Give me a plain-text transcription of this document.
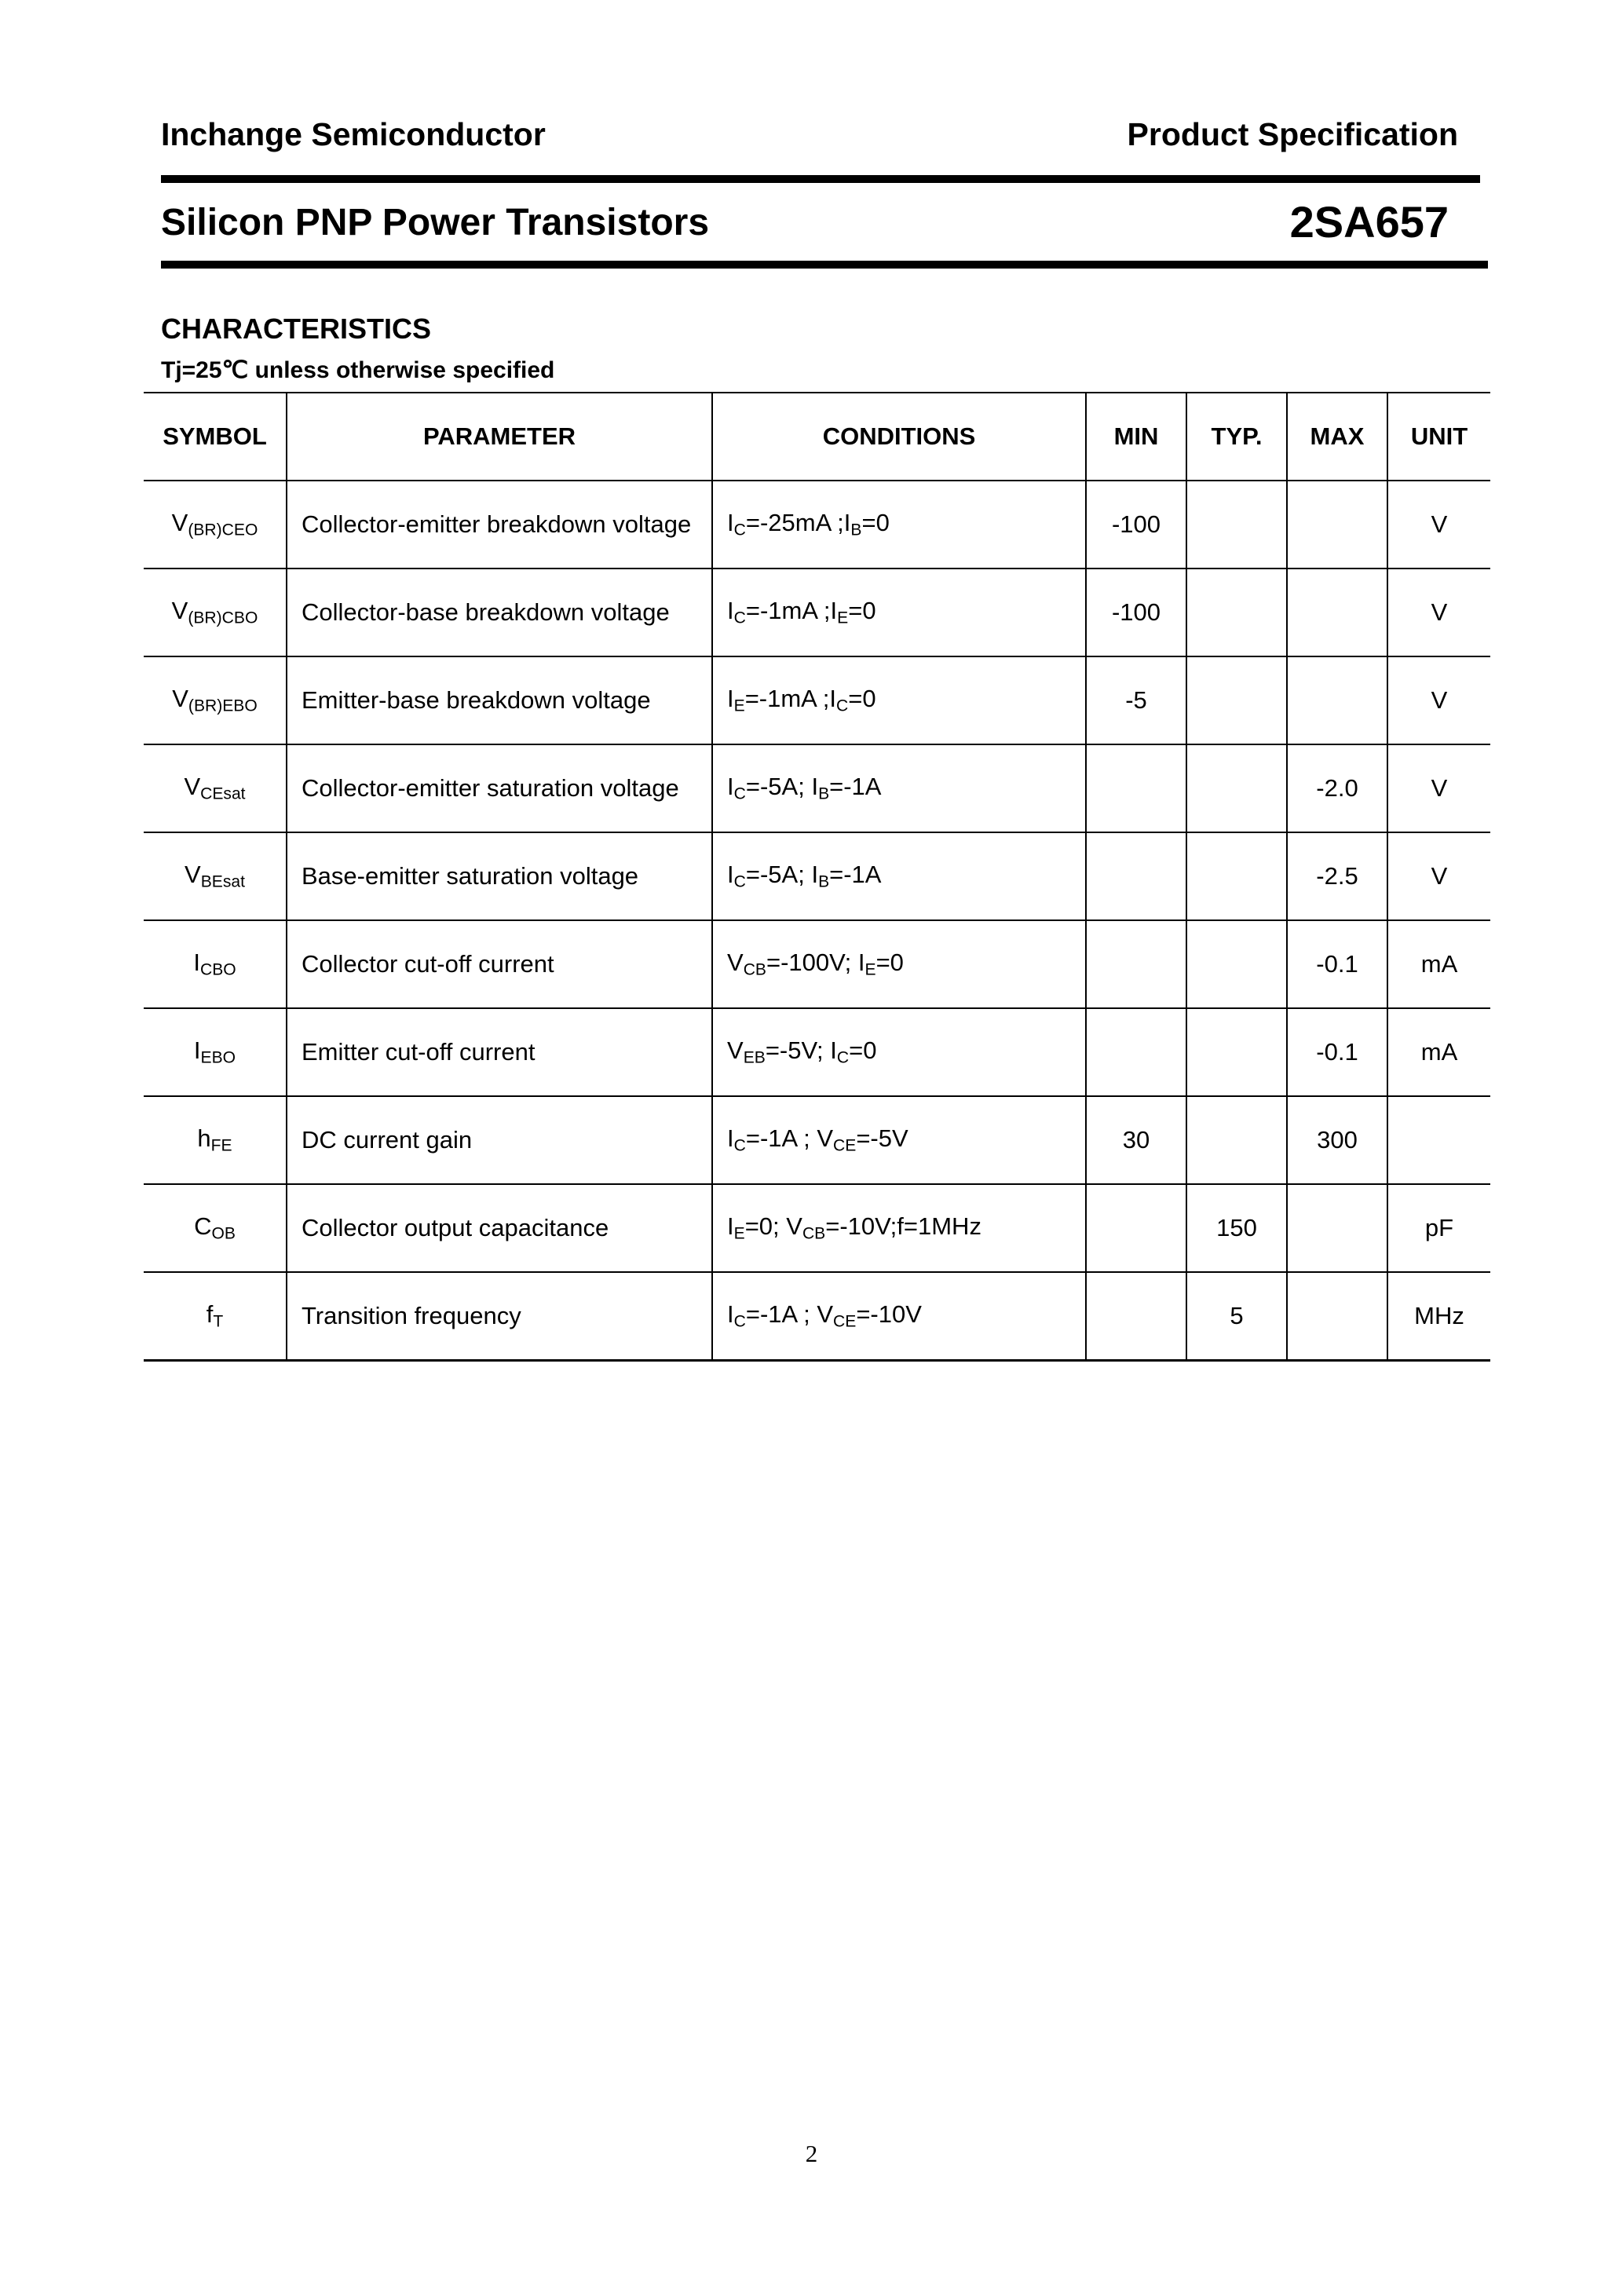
Inchange Semiconductor	Product Specification
Silicon PNP Power Transistors	2SA657
CHARACTERISTICS
Tj=25℃ unless otherwise specified
SYMBOL	PARAMETER	CONDITIONS	MIN	TYP.	MAX	UNIT
$V_{(BR)CEO}$	Collector-emitter breakdown voltage	$I_C=-25mA$ $;I_B=0$	-100			V
$V_{(BR)CBO}$	Collector-base breakdown voltage	$I_C=-1mA$ $;I_E=0$	-100			V
$V_{(BR)EBO}$	Emitter-base breakdown voltage	$I_E=-1mA$ $;I_C=0$	-5			V
$V_{CEsat}$	Collector-emitter saturation voltage	$I_C=-5A$; $I_B=-1A$			-2.0	V
$V_{BEsat}$	Base-emitter saturation voltage	$I_C=-5A$; $I_B=-1A$			-2.5	V
$I_{CBO}$	Collector cut-off current	$V_{CB}=-100V$; $I_E=0$			-0.1	mA
$I_{EBO}$	Emitter cut-off current	$V_{EB}=-5V$; $I_C=0$			-0.1	mA
$h_{FE}$	DC current gain	$I_C=-1A$ ; $V_{CE}=-5V$	30		300	
$C_{OB}$	Collector output capacitance	$I_E=0$; $V_{CB}=-10V;f=1MHz$		150		pF
$f_T$	Transition frequency	$I_C=-1A$ ; $V_{CE}=-10V$		5		MHz
2
